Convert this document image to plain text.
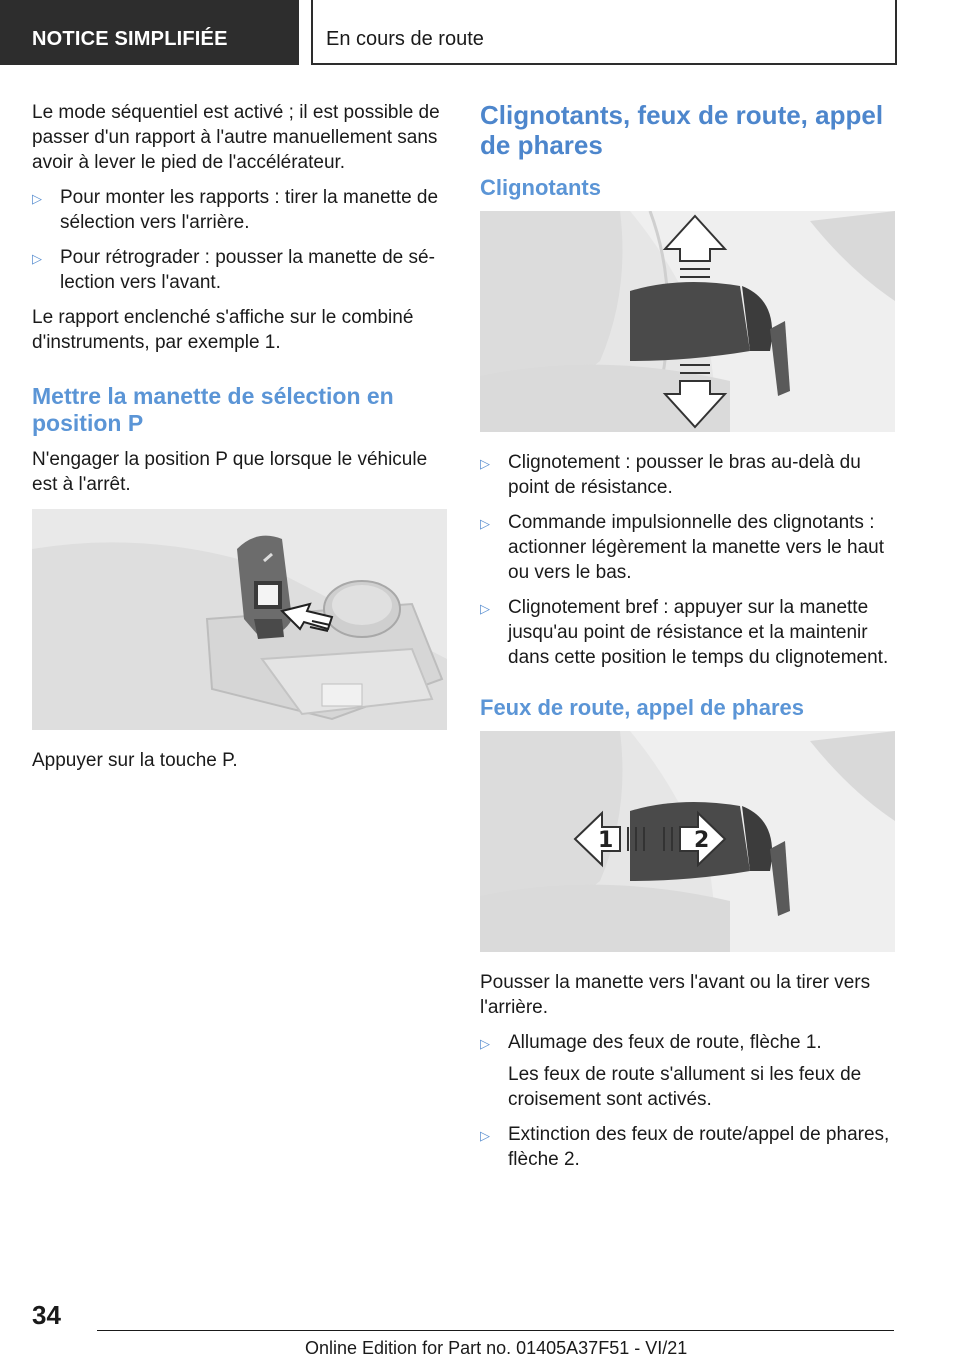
NOTICE SIMPLIFIÉE	En cours de route

Le mode séquentiel est activé ; il est possible de passer d'un rapport à l'autre manuellement sans avoir à lever le pied de l'accélérateur.

▷ Pour monter les rapports : tirer la manette de sélection vers l'arrière.
▷ Pour rétrograder : pousser la manette de sélection vers l'avant.

Le rapport enclenché s'affiche sur le combiné d'instruments, par exemple 1.

Mettre la manette de sélection en position P

N'engager la position P que lorsque le véhicule est à l'arrêt.

Appuyer sur la touche P.

Clignotants, feux de route, appel de phares
Clignotants
▷ Clignotement : pousser le bras au-delà du point de résistance.
▷ Commande impulsionnelle des clignotants : actionner légèrement la manette vers le haut ou vers le bas.
▷ Clignotement bref : appuyer sur la manette jusqu'au point de résistance et la maintenir dans cette position le temps du clignotement.
Feux de route, appel de phares
1	2

Pousser la manette vers l'avant ou la tirer vers l'arrière.

▷ Allumage des feux de route, flèche 1.

Les feux de route s'allument si les feux de croisement sont activés.

▷ Extinction des feux de route/appel de phares, flèche 2.
34
Online Edition for Part no. 01405A37F51 - VI/21
